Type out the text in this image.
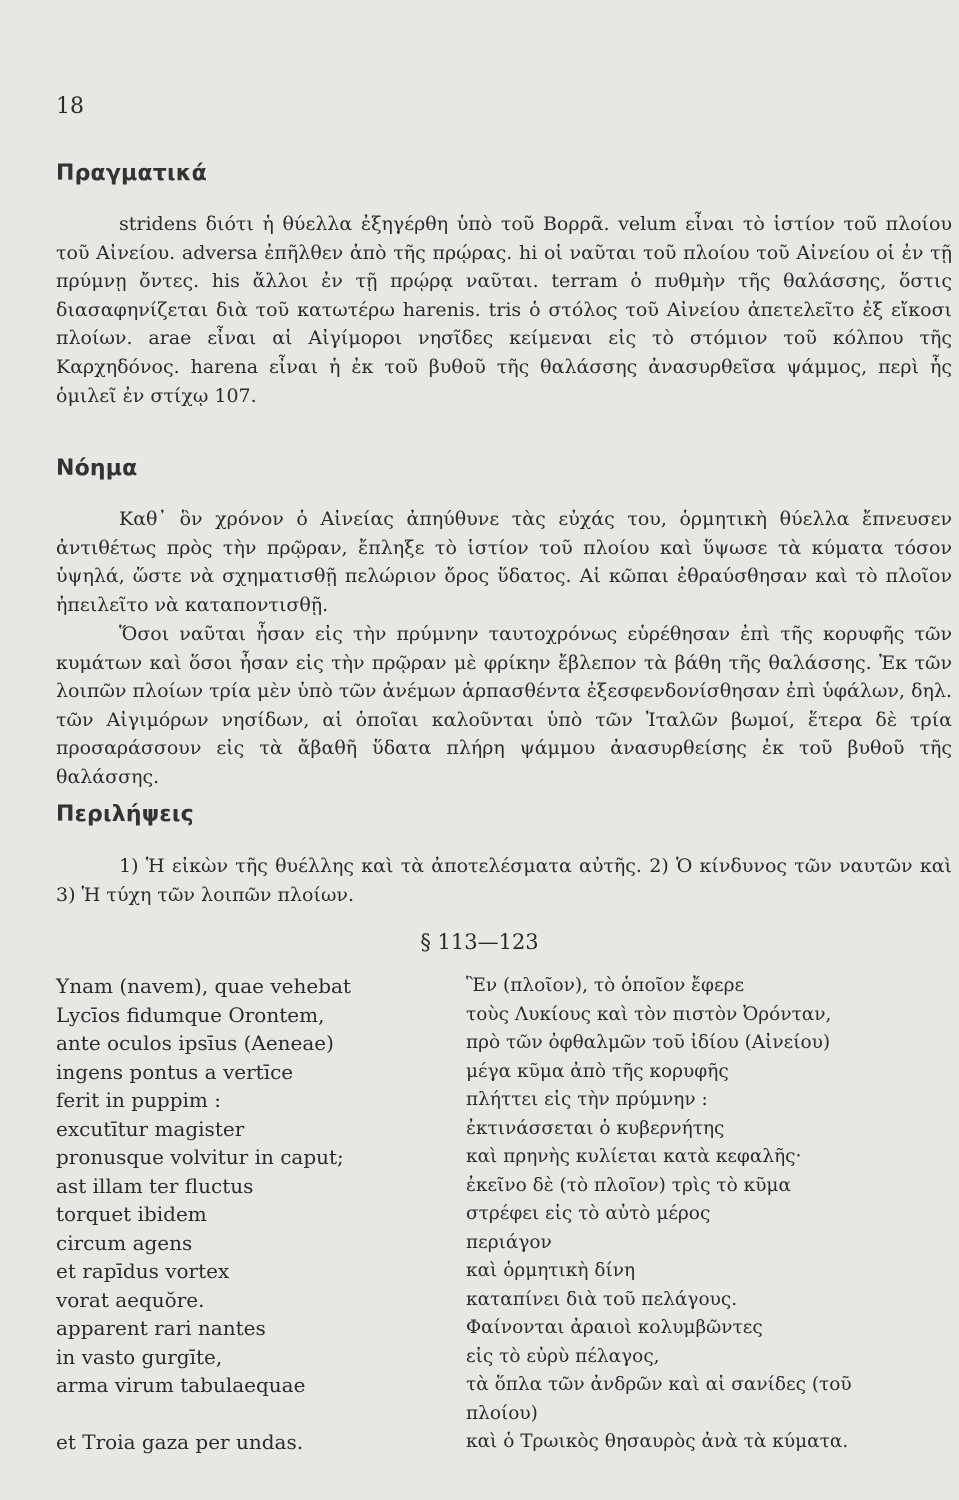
18
Πραγματικά

stridens διότι ἡ θύελλα ἐξηγέρθη ὑπὸ τοῦ Βορρᾶ. velum εἶναι τὸ ἱστίον τοῦ πλοίου τοῦ Αἰνείου. adversa ἐπῆλθεν ἀπὸ τῆς πρῴρας. hi οἱ ναῦται τοῦ πλοίου τοῦ Αἰνείου οἱ ἐν τῇ πρύμνῃ ὄντες. his ἄλλοι ἐν τῇ πρῴρᾳ ναῦται. terram ὁ πυθμὴν τῆς θαλάσσης, ὅστις διασαφηνίζεται διὰ τοῦ κατωτέρω harenis. tris ὁ στόλος τοῦ Αἰνείου ἀπετελεῖτο ἐξ εἴκοσι πλοίων. arae εἶναι αἱ Αἰγίμοροι νησῖδες κείμεναι εἰς τὸ στόμιον τοῦ κόλπου τῆς Καρχηδόνος. harena εἶναι ἡ ἐκ τοῦ βυθοῦ τῆς θαλάσσης ἀνασυρθεῖσα ψάμμος, περὶ ἧς ὁμιλεῖ ἐν στίχῳ 107.

Νόημα

Καθ᾽ ὃν χρόνον ὁ Αἰνείας ἀπηύθυνε τὰς εὐχάς του, ὁρμητικὴ θύελλα ἔπνευσεν ἀντιθέτως πρὸς τὴν πρῷραν, ἔπληξε τὸ ἱστίον τοῦ πλοίου καὶ ὕψωσε τὰ κύματα τόσον ὑψηλά, ὥστε νὰ σχηματισθῇ πελώριον ὄρος ὕδατος. Αἱ κῶπαι ἐθραύσθησαν καὶ τὸ πλοῖον ἠπειλεῖτο νὰ καταποντισθῇ.

Ὅσοι ναῦται ἦσαν εἰς τὴν πρύμνην ταυτοχρόνως εὑρέθησαν ἐπὶ τῆς κορυφῆς τῶν κυμάτων καὶ ὅσοι ἦσαν εἰς τὴν πρῷραν μὲ φρίκην ἔβλεπον τὰ βάθη τῆς θαλάσσης. Ἐκ τῶν λοιπῶν πλοίων τρία μὲν ὑπὸ τῶν ἀνέμων ἁρπασθέντα ἐξεσφενδονίσθησαν ἐπὶ ὑφάλων, δηλ. τῶν Αἰγιμόρων νησίδων, αἱ ὁποῖαι καλοῦνται ὑπὸ τῶν Ἰταλῶν βωμοί, ἕτερα δὲ τρία προσαράσσουν εἰς τὰ ἄβαθῆ ὕδατα πλήρη ψάμμου ἀνασυρθείσης ἐκ τοῦ βυθοῦ τῆς θαλάσσης.

Περιλήψεις

1) Ἡ εἰκὼν τῆς θυέλλης καὶ τὰ ἀποτελέσματα αὐτῆς. 2) Ὁ κίνδυνος τῶν ναυτῶν καὶ 3) Ἡ τύχη τῶν λοιπῶν πλοίων.

§ 113—123
Ynam (navem), quae vehebat
Lycīos fidumque Orontem,
ante oculos ipsīus (Aeneae)
ingens pontus a vertīce
ferit in puppim :
excutītur magister
pronusque volvitur in caput;
ast illam ter fluctus
torquet ibidem
circum agens
et rapīdus vortex
vorat aequŏre.
apparent rari nantes
in vasto gurgīte,
arma virum tabulaequae
et Troia gaza per undas.
Ἓν (πλοῖον), τὸ ὁποῖον ἔφερε
τοὺς Λυκίους καὶ τὸν πιστὸν Ὀρόνταν,
πρὸ τῶν ὀφθαλμῶν τοῦ ἰδίου (Αἰνείου)
μέγα κῦμα ἀπὸ τῆς κορυφῆς
πλήττει εἰς τὴν πρύμνην :
ἐκτινάσσεται ὁ κυβερνήτης
καὶ πρηνὴς κυλίεται κατὰ κεφαλῆς·
ἐκεῖνο δὲ (τὸ πλοῖον) τρὶς τὸ κῦμα
στρέφει εἰς τὸ αὐτὸ μέρος
περιάγον
καὶ ὁρμητικὴ δίνη
καταπίνει διὰ τοῦ πελάγους.
Φαίνονται ἀραιοὶ κολυμβῶντες
εἰς τὸ εὐρὺ πέλαγος,
τὰ ὅπλα τῶν ἀνδρῶν καὶ αἱ σανίδες (τοῦ
πλοίου)
καὶ ὁ Τρωικὸς θησαυρὸς ἀνὰ τὰ κύματα.
